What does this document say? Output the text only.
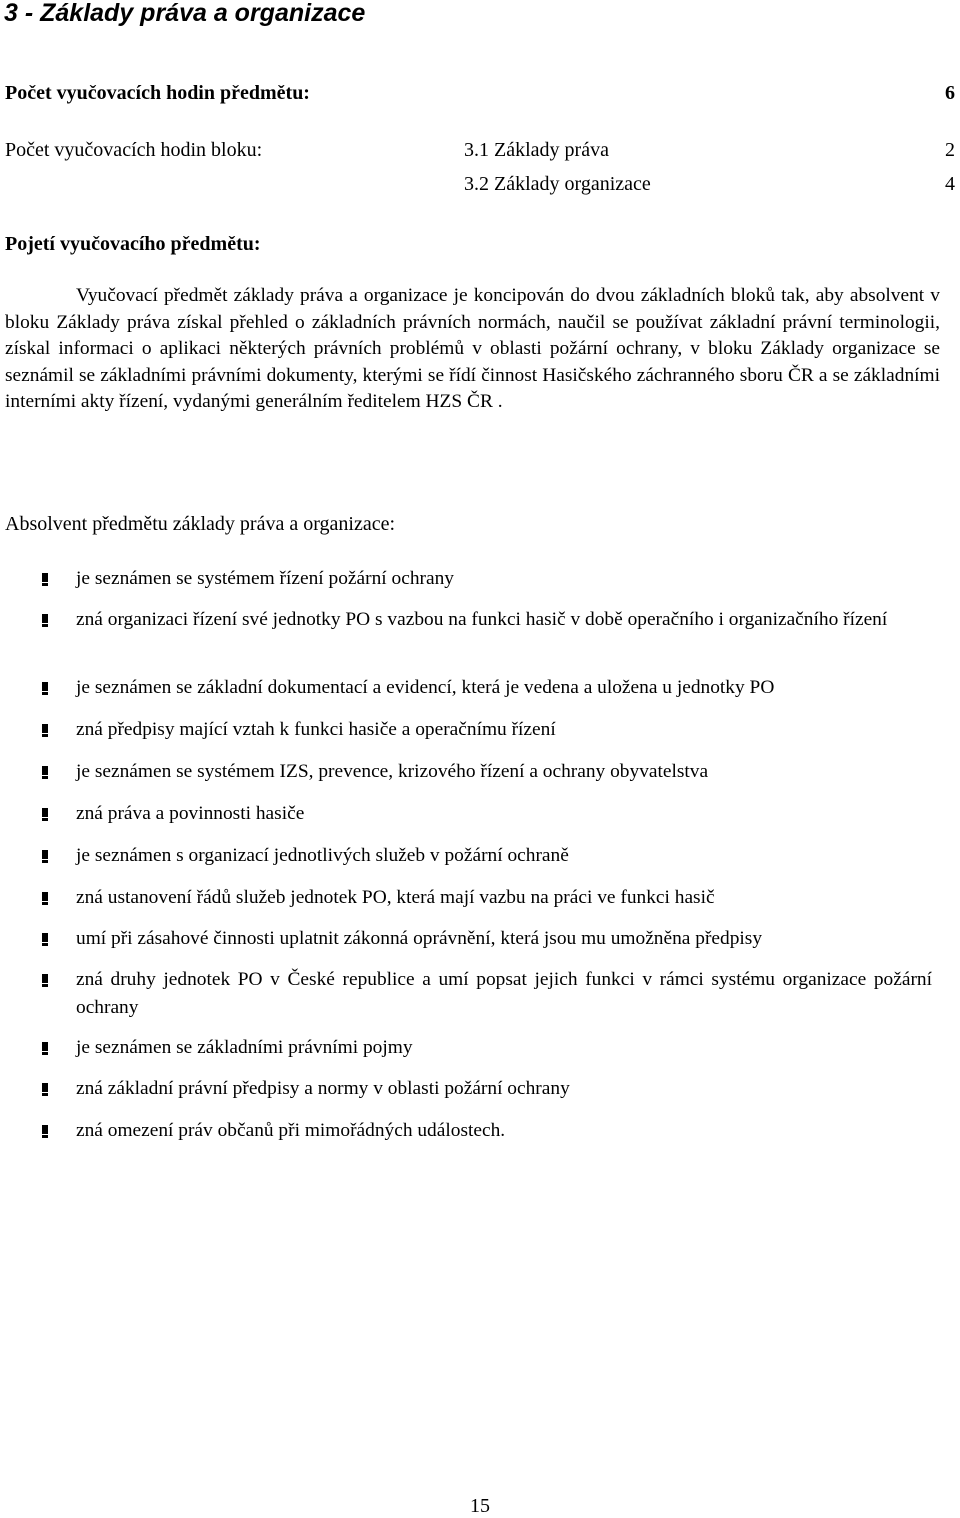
3 - Základy práva a organizace
Počet vyučovacích hodin předmětu:	6
Počet vyučovacích hodin bloku:	3.1 Základy práva	2
3.2 Základy organizace	4
Pojetí vyučovacího předmětu:
Vyučovací předmět základy práva a organizace je koncipován do dvou základních bloků tak, aby absolvent v bloku Základy práva získal přehled o základních právních normách, naučil se používat základní právní terminologii, získal informaci o aplikaci některých právních problémů v oblasti požární ochrany, v bloku Základy organizace se seznámil se základními právními dokumenty, kterými se řídí činnost Hasičského záchranného sboru ČR a se základními interními akty řízení, vydanými generálním ředitelem HZS ČR .
Absolvent předmětu základy práva a organizace:
je seznámen se systémem řízení požární ochrany
zná organizaci řízení své jednotky PO s vazbou na funkci hasič v době operačního i organizačního řízení
je seznámen se základní dokumentací a evidencí, která je vedena a uložena u jednotky PO
zná předpisy mající vztah k funkci hasiče a operačnímu řízení
je seznámen se systémem IZS, prevence, krizového řízení a ochrany obyvatelstva
zná práva a povinnosti hasiče
je seznámen s organizací jednotlivých služeb v požární ochraně
zná ustanovení řádů služeb jednotek PO, která mají vazbu na práci ve funkci hasič
umí při zásahové činnosti uplatnit zákonná oprávnění, která jsou mu umožněna předpisy
zná druhy jednotek PO v České republice a umí popsat jejich funkci v rámci systému organizace požární ochrany
je seznámen se základními právními pojmy
zná základní právní předpisy a normy v oblasti požární ochrany
zná omezení práv občanů při mimořádných událostech.
15
